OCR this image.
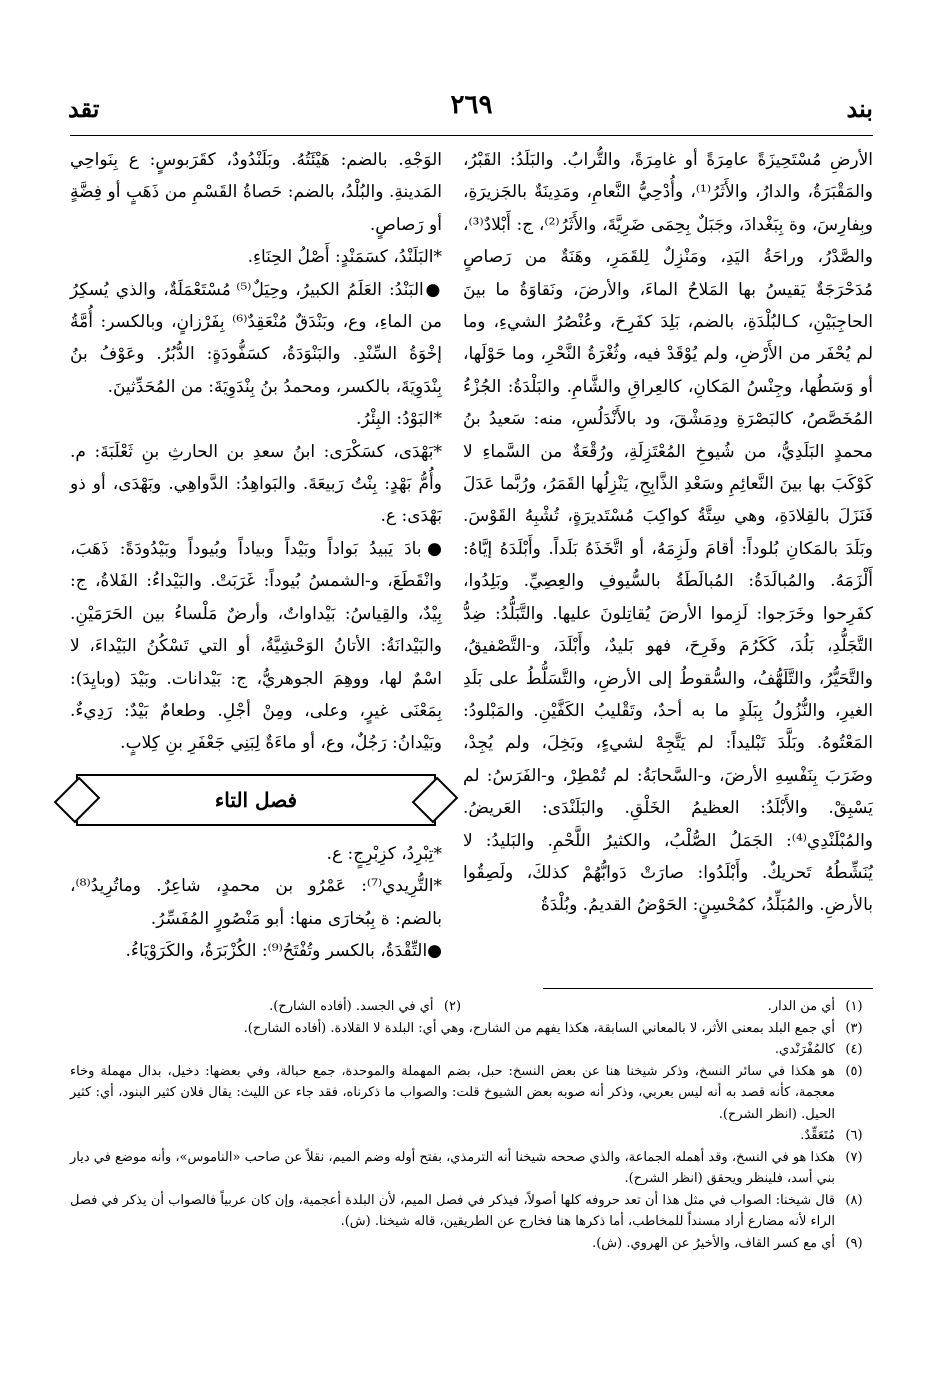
بند
٢٦٩
تقد

الأرضِ مُسْتَحِيزَةً عامِرَةً أو غامِرَةً، والتُّرابُ. والبَلَدُ: القَبْرُ، والمَقْبَرَةُ، والدارُ، والأَثَرُ⁽¹⁾، وأُدْحِيُّ النَّعامِ، ومَدِينَةٌ بالجَزيرَةِ، وبِفارِسَ، وة بِبَغْدادَ، وجَبَلٌ بِحِمَى ضَرِيَّةَ، والأَثَرُ⁽²⁾، ج: أَبْلادٌ⁽³⁾، والصَّدْرُ، وراحَةُ اليَدِ، ومَنْزِلٌ لِلقَمَرِ، وهَنَةٌ من رَصاصٍ مُدَحْرَجَةٌ يَقيسُ بها المَلاحُ الماءَ، والأرضَ، ونَقاوَةُ ما بينَ الحاجِبَيْنِ، كـالبُلْدَةِ، بالضم، بَلِدَ كفَرِحَ، وعُنْصُرُ الشيءِ، وما لم يُحْفَر من الأَرْضِ، ولم يُوْقَدْ فيه، وثُغْرَةُ النَّحْرِ، وما حَوْلَها، أو وَسَطُها، وجِنْسُ المَكانِ، كالعِراقِ والشَّامِ. والبَلْدَةُ: الجُزْءُ المُخَصَّصُ، كالبَصْرَةِ ودِمَشْقَ، ود بالأَنْدَلُسِ، منه: سَعيدُ بنُ محمدٍ البَلَدِيُّ، من شُيوخِ المُعْتَزِلَةِ، ورُقْعَةٌ من السَّماءِ لا كَوْكَبَ بها بينَ النَّعائِمِ وسَعْدِ الذَّابِحِ، يَنْزِلُها القَمَرُ، ورُبَّما عَدَلَ فَنَزَلَ بالقِلادَةِ، وهي سِتَّةُ كواكِبَ مُسْتَديرَةٍ، تُشْبِهُ القَوْسَ. وبَلَدَ بالمَكانِ بُلوداً: أقامَ ولَزِمَهُ، أو اتَّخَذَهُ بَلَداً. وأَبْلَدَهُ إيَّاهُ: أَلْزَمَهُ. والمُبالَدَةُ: المُبالَطَةُ بالسُّيوفِ والعِصِيِّ. وبَلِدُوا، كفَرِحوا وخَرَجوا: لَزِموا الأرضَ يُقاتِلونَ عليها. والتَّبَلُّدُ: ضِدُّ التَّجَلُّدِ، بَلُدَ، كَكَرُمَ وفَرِحَ، فهو بَليدٌ، وأَبْلَدَ، و-التَّصْفيقُ، والتَّحَيُّرُ، والتَّلَهُّفُ، والسُّقوطُ إلى الأرضِ، والتَّسَلُّطُ على بَلَدِ الغيرِ، والنُّزُولُ بِبَلَدٍ ما به أحدٌ، وتَقْليبُ الكَفَّيْنِ. والمَبْلودُ: المَعْتُوهُ. وبَلَّدَ تَبْليداً: لم يَتَّجِهْ لشيءٍ، وبَخِلَ، ولم يُجِدْ، وضَرَبَ بِنَفْسِهِ الأرضَ، و-السَّحابَةُ: لم تُمْطِرْ، و-الفَرَسُ: لم يَسْبِقْ. والأَبْلَدُ: العظيمُ الخَلْقِ. والبَلَنْدَى: العَريضُ. والمُبْلَنْدِي⁽⁴⁾: الجَمَلُ الصُّلْبُ، والكثيرُ اللَّحْمِ. والبَليدُ: لا يُنَشِّطُهُ تَحريكٌ. وأَبْلَدُوا: صارَتْ دَوابُّهُمْ كذلكَ، ولَصِقُوا بالأرضِ. والمُبَلِّدُ، كمُحْسِنٍ: الحَوْضُ القديمُ. وبُلْدَةُ

الوَجْهِ. بالضم: هَيْئَتُهُ. وبَلَنْدُودٌ، كقَرَبوسٍ: ع بِنَواحِي المَدينةِ. والبُلْدُ، بالضم: حَصاةُ القَسْمِ من ذَهَبٍ أو فِضَّةٍ أو رَصاصٍ.

*البَلَنْدُ، كسَمَنْدٍ: أَصْلُ الحِنَاءِ.

●البَنْدُ: العَلَمُ الكبيرُ، وحِيَلٌ⁽⁵⁾ مُسْتَعْمَلَةٌ، والذي يُسكِرُ من الماءِ، وع، وبَنْدَقٌ مُنْعَقِدٌ⁽⁶⁾ بِفَرْزانٍ، وبالكسر: أُمَّةُ إخْوَةُ السِّنْدِ. والبَنْوَدَةُ، كسَفُّودَةٍ: الدُّبُرُ. وعَوْفُ بنُ بِنْدَوِيَةَ، بالكسر، ومحمدُ بنُ بِنْدَوِيَةَ: من المُحَدِّثينَ.

*البَوْدُ: البِئْرُ.

*بَهْدَى، كسَكْرَى: ابنُ سعدِ بن الحارثِ بنِ ثَعْلَبَةَ: م. وأُمُّ بَهْدٍ: بِنْتُ رَبيعَةَ. والبَواهِدُ: الدَّواهِي. وبَهْدَى، أو ذو بَهْدَى: ع.

●بادَ يَبيدُ بَواداً وبَيْداً وبياداً وبُيوداً وبَيْدُودَةً: ذَهَبَ، وانْقَطَعَ، و-الشمسُ بُيوداً: غَرَبَتْ. والبَيْداءُ: الفَلاةُ، ج: بِيْدٌ، والقِياسُ: بَيْداواتٌ، وأرضٌ مَلْساءُ بين الحَرَمَيْنِ. والبَيْدانَةُ: الأتانُ الوَحْشِيَّةُ، أو التي تَسْكُنُ البَيْداءَ، لا اسْمٌ لها، ووهِمَ الجوهريُّ، ج: بَيْدانات. وبَيْدَ (وبايِدَ): بِمَعْنَى غيرٍ، وعلى، ومِنْ أجْلِ. وطعامٌ بَيْدٌ: رَدِيءٌ. وبَيْدانُ: رَجُلٌ، وع، أو ماءَةٌ لِبَنِي جَعْفَرِ بنِ كِلابٍ.

فصل التاء

*تِبْرِدُ، كزِبْرِجٍ: ع.

*التُّرِيدي⁽⁷⁾: عَمْرُو بن محمدٍ، شاعِرٌ. وماتُرِيدُ⁽⁸⁾، بالضم: ة بِبُخارَى منها: أبو مَنْصُورٍ المُفَسِّرُ.

●التِّقْدَةُ، بالكسر وتُفْتَحُ⁽⁹⁾: الكُزْبَرَةُ، والكَرَوْيَاءُ.

(١)
أي من الدار.
(٢)
أي في الجسد. (أفاده الشارح).
(٣)
أي جمع البلد بمعنى الأثر، لا بالمعاني السابقة، هكذا يفهم من الشارح، وهي أي: البلدة لا القلادة. (أفاده الشارح).
(٤)
كالمُفْرَنْدي.
(٥)
هو هكذا في سائر النسخ، وذكر شيخنا هنا عن بعض النسخ: حبل، بضم المهملة والموحدة، جمع حبالة، وفي بعضها: دخيل، بدال مهملة وخاء معجمة، كأنه قصد به أنه ليس بعربي، وذكر أنه صوبه بعض الشيوخ قلت: والصواب ما ذكرناه، فقد جاء عن الليث: يقال فلان كثير البنود، أي: كثير الحيل. (انظر الشرح).
(٦)
مُتَعَقِّدٌ.
(٧)
هكذا هو في النسخ، وقد أهمله الجماعة، والذي صححه شيخنا أنه الترمذي، بفتح أوله وضم الميم، نقلاً عن صاحب «الناموس»، وأنه موضع في ديار بني أسد، فلينظر ويحقق (انظر الشرح).
(٨)
قال شيخنا: الصواب في مثل هذا أن تعد حروفه كلها أصولاً، فيذكر في فصل الميم، لأن البلدة أعجمية، وإن كان عربياً فالصواب أن يذكر في فصل الراء لأنه مضارع أراد مسنداً للمخاطب، أما ذكرها هنا فخارج عن الطريقين، قاله شيخنا. (ش).
(٩)
أي مع كسر القاف، والأخيرُ عن الهروي. (ش).
